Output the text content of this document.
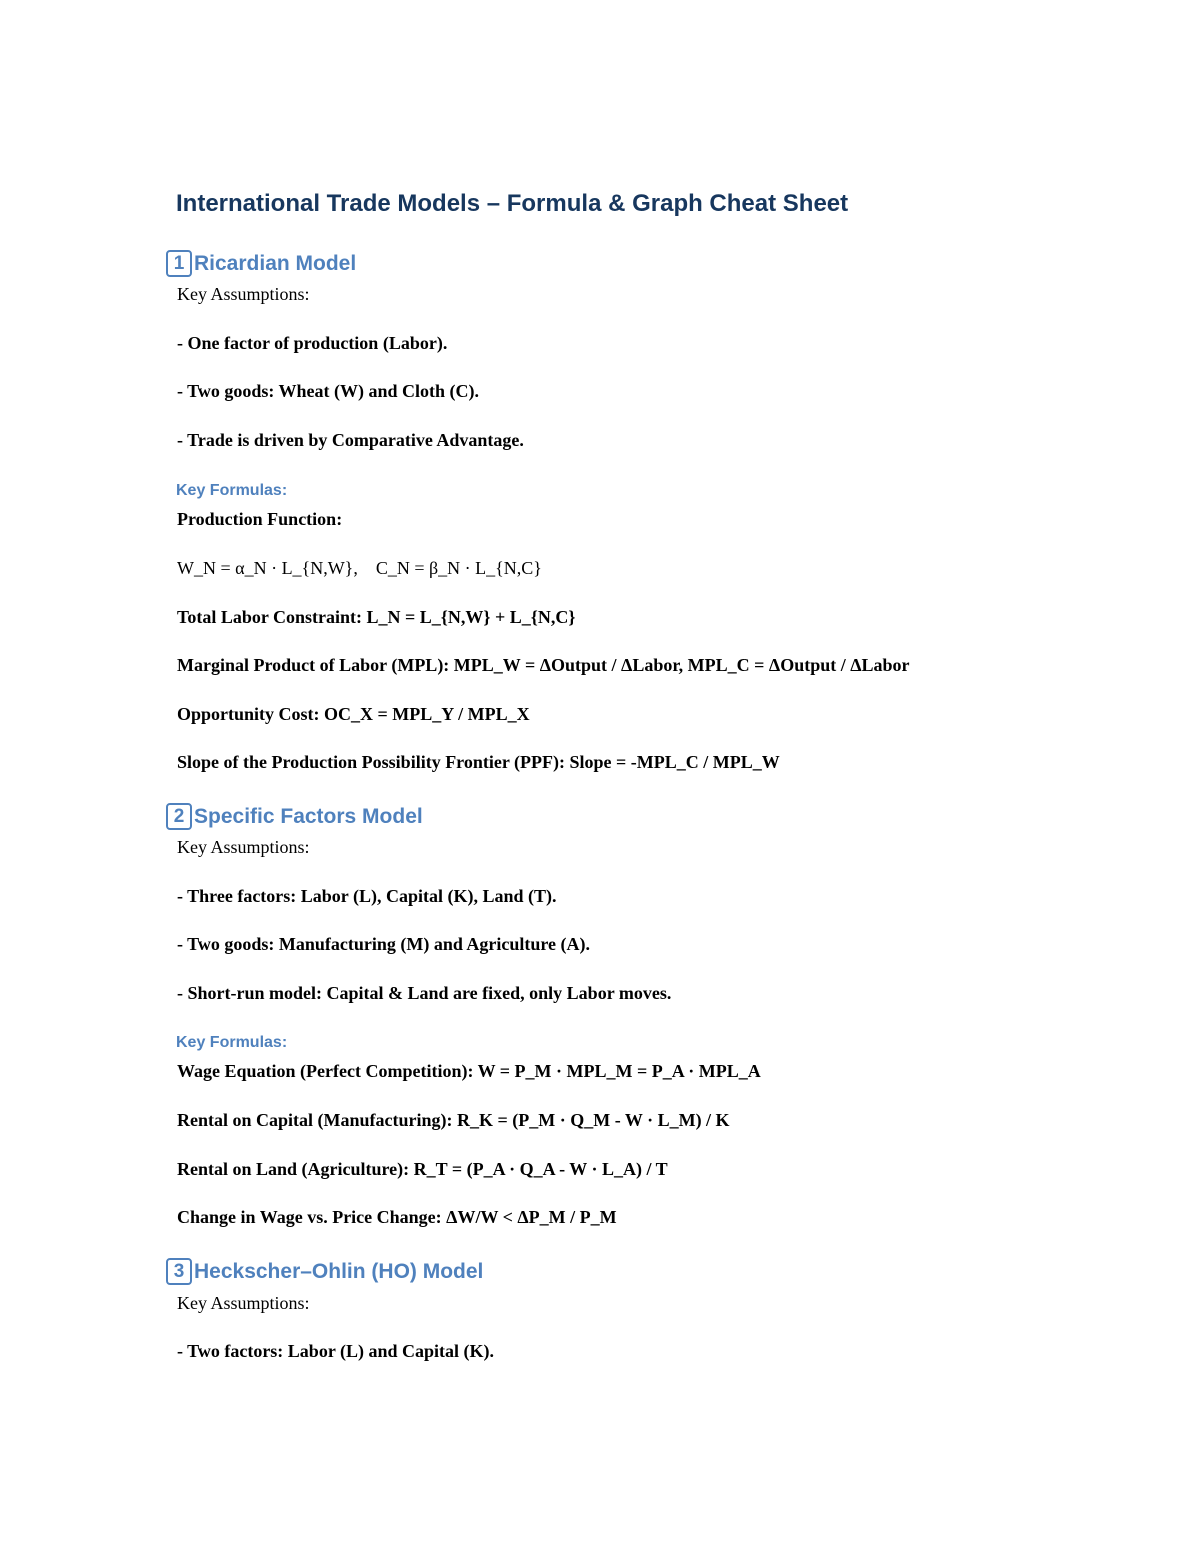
International Trade Models – Formula & Graph Cheat Sheet
1 Ricardian Model

Key Assumptions:

- One factor of production (Labor).

- Two goods: Wheat (W) and Cloth (C).

- Trade is driven by Comparative Advantage.

Key Formulas:

Production Function:

W_N = α_N · L_{N,W},    C_N = β_N · L_{N,C}

Total Labor Constraint: L_N = L_{N,W} + L_{N,C}

Marginal Product of Labor (MPL): MPL_W = ΔOutput / ΔLabor, MPL_C = ΔOutput / ΔLabor

Opportunity Cost: OC_X = MPL_Y / MPL_X

Slope of the Production Possibility Frontier (PPF): Slope = -MPL_C / MPL_W

2 Specific Factors Model

Key Assumptions:

- Three factors: Labor (L), Capital (K), Land (T).

- Two goods: Manufacturing (M) and Agriculture (A).

- Short-run model: Capital & Land are fixed, only Labor moves.

Key Formulas:

Wage Equation (Perfect Competition): W = P_M · MPL_M = P_A · MPL_A

Rental on Capital (Manufacturing): R_K = (P_M · Q_M - W · L_M) / K

Rental on Land (Agriculture): R_T = (P_A · Q_A - W · L_A) / T

Change in Wage vs. Price Change: ΔW/W < ΔP_M / P_M

3 Heckscher–Ohlin (HO) Model

Key Assumptions:

- Two factors: Labor (L) and Capital (K).
